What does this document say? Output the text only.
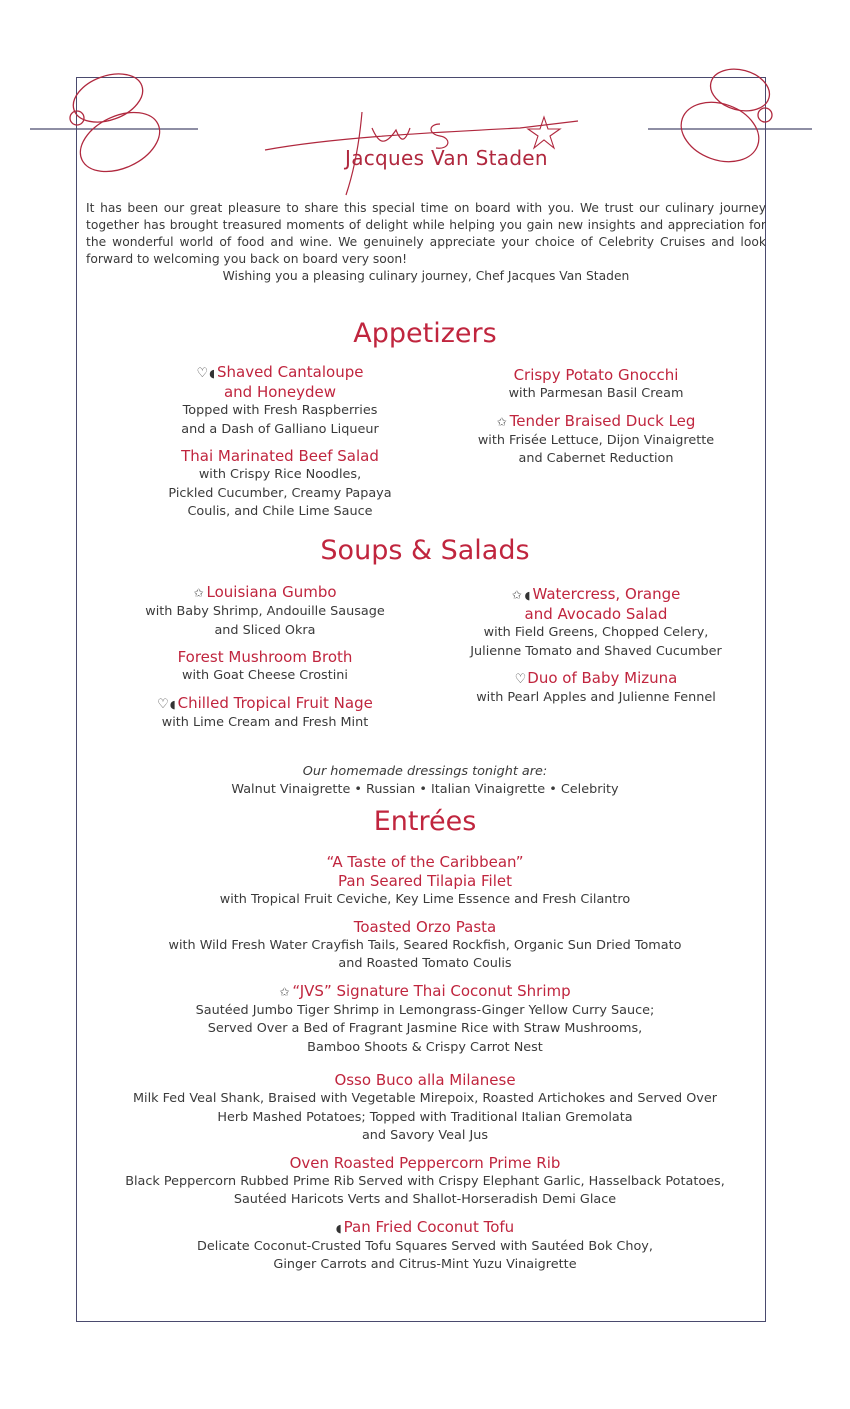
Jacques Van Staden

It has been our great pleasure to share this special time on board with you. We trust our culinary journey together has brought treasured moments of delight while helping you gain new insights and appreciation for the wonderful world of food and wine. We genuinely appreciate your choice of Celebrity Cruises and look forward to welcoming you back on board very soon!

Wishing you a pleasing culinary journey, Chef Jacques Van Staden

Appetizers
♡◖ Shaved Cantaloupe
and Honeydew
Topped with Fresh Raspberries
and a Dash of Galliano Liqueur
Thai Marinated Beef Salad
with Crispy Rice Noodles,
Pickled Cucumber, Creamy Papaya
Coulis, and Chile Lime Sauce
Crispy Potato Gnocchi
with Parmesan Basil Cream
✩ Tender Braised Duck Leg
with Frisée Lettuce, Dijon Vinaigrette
and Cabernet Reduction
Soups & Salads
✩ Louisiana Gumbo
with Baby Shrimp, Andouille Sausage
and Sliced Okra
Forest Mushroom Broth
with Goat Cheese Crostini
♡◖ Chilled Tropical Fruit Nage
with Lime Cream and Fresh Mint
✩ ◖ Watercress, Orange
and Avocado Salad
with Field Greens, Chopped Celery,
Julienne Tomato and Shaved Cucumber
♡Duo of Baby Mizuna
with Pearl Apples and Julienne Fennel
Our homemade dressings tonight are:
Walnut Vinaigrette • Russian • Italian Vinaigrette • Celebrity
Entrées
“A Taste of the Caribbean”
Pan Seared Tilapia Filet
with Tropical Fruit Ceviche, Key Lime Essence and Fresh Cilantro
Toasted Orzo Pasta
with Wild Fresh Water Crayfish Tails, Seared Rockfish, Organic Sun Dried Tomato
and Roasted Tomato Coulis
✩ “JVS” Signature Thai Coconut Shrimp
Sautéed Jumbo Tiger Shrimp in Lemongrass-Ginger Yellow Curry Sauce;
Served Over a Bed of Fragrant Jasmine Rice with Straw Mushrooms,
Bamboo Shoots & Crispy Carrot Nest
Osso Buco alla Milanese
Milk Fed Veal Shank, Braised with Vegetable Mirepoix, Roasted Artichokes and Served Over
Herb Mashed Potatoes; Topped with Traditional Italian Gremolata
and Savory Veal Jus
Oven Roasted Peppercorn Prime Rib
Black Peppercorn Rubbed Prime Rib Served with Crispy Elephant Garlic, Hasselback Potatoes,
Sautéed Haricots Verts and Shallot-Horseradish Demi Glace
◖ Pan Fried Coconut Tofu
Delicate Coconut-Crusted Tofu Squares Served with Sautéed Bok Choy,
Ginger Carrots and Citrus-Mint Yuzu Vinaigrette
